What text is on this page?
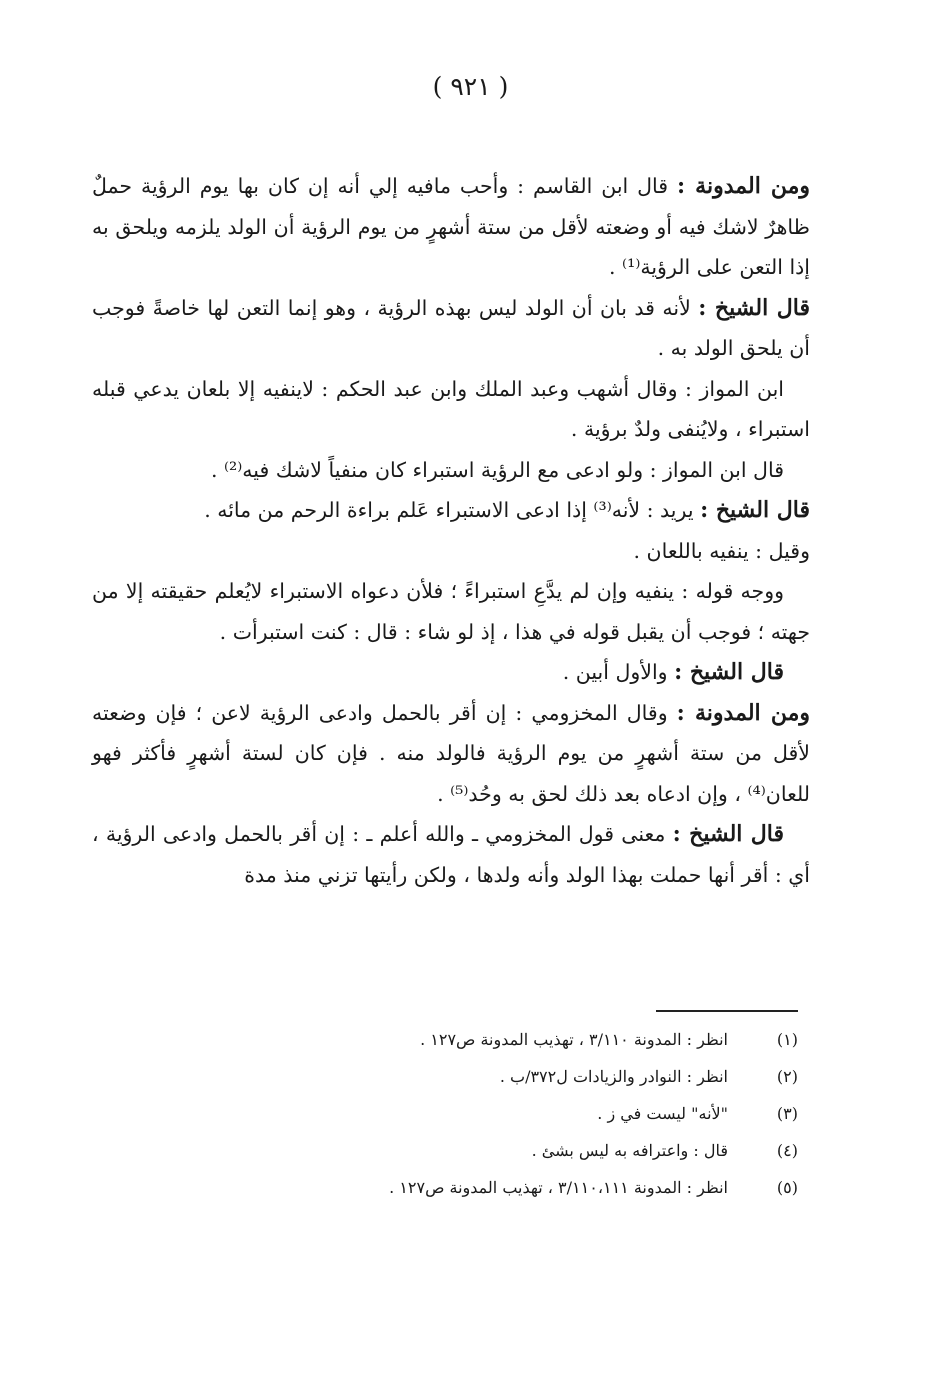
( ٩٢١ )

ومن المدونة : قال ابن القاسم : وأحب مافيه إلي أنه إن كان بها يوم الرؤية حملٌ ظاهرٌ لاشك فيه أو وضعته لأقل من ستة أشهرٍ من يوم الرؤية أن الولد يلزمه ويلحق به إذا التعن على الرؤية⁽¹⁾ .

قال الشيخ : لأنه قد بان أن الولد ليس بهذه الرؤية ، وهو إنما التعن لها خاصةً فوجب أن يلحق الولد به .

ابن المواز : وقال أشهب وعبد الملك وابن عبد الحكم : لاينفيه إلا بلعان يدعي قبله استبراء ، ولايُنفى ولدٌ برؤية .

قال ابن المواز : ولو ادعى مع الرؤية استبراء كان منفياً لاشك فيه⁽²⁾ .

قال الشيخ : يريد : لأنه⁽³⁾ إذا ادعى الاستبراء عَلم براءة الرحم من مائه .

وقيل : ينفيه باللعان .

ووجه قوله : ينفيه وإن لم يدَّعِ استبراءً ؛ فلأن دعواه الاستبراء لايُعلم حقيقته إلا من جهته ؛ فوجب أن يقبل قوله في هذا ، إذ لو شاء : قال : كنت استبرأت .

قال الشيخ : والأول أبين .

ومن المدونة : وقال المخزومي : إن أقر بالحمل وادعى الرؤية لاعن ؛ فإن وضعته لأقل من ستة أشهرٍ من يوم الرؤية فالولد منه . فإن كان لستة أشهرٍ فأكثر فهو للعان⁽⁴⁾ ، وإن ادعاه بعد ذلك لحق به وحُد⁽⁵⁾ .

قال الشيخ : معنى قول المخزومي ـ والله أعلم ـ : إن أقر بالحمل وادعى الرؤية ، أي : أقر أنها حملت بهذا الولد وأنه ولدها ، ولكن رأيتها تزني منذ مدة

(١)
انظر : المدونة ٣/١١٠ ، تهذيب المدونة ص١٢٧ .
(٢)
انظر : النوادر والزيادات ل٣٧٢/ب .
(٣)
"لأنه" ليست في ز .
(٤)
قال : واعترافه به ليس بشئ .
(٥)
انظر : المدونة ٣/١١٠،١١١ ، تهذيب المدونة ص١٢٧ .
